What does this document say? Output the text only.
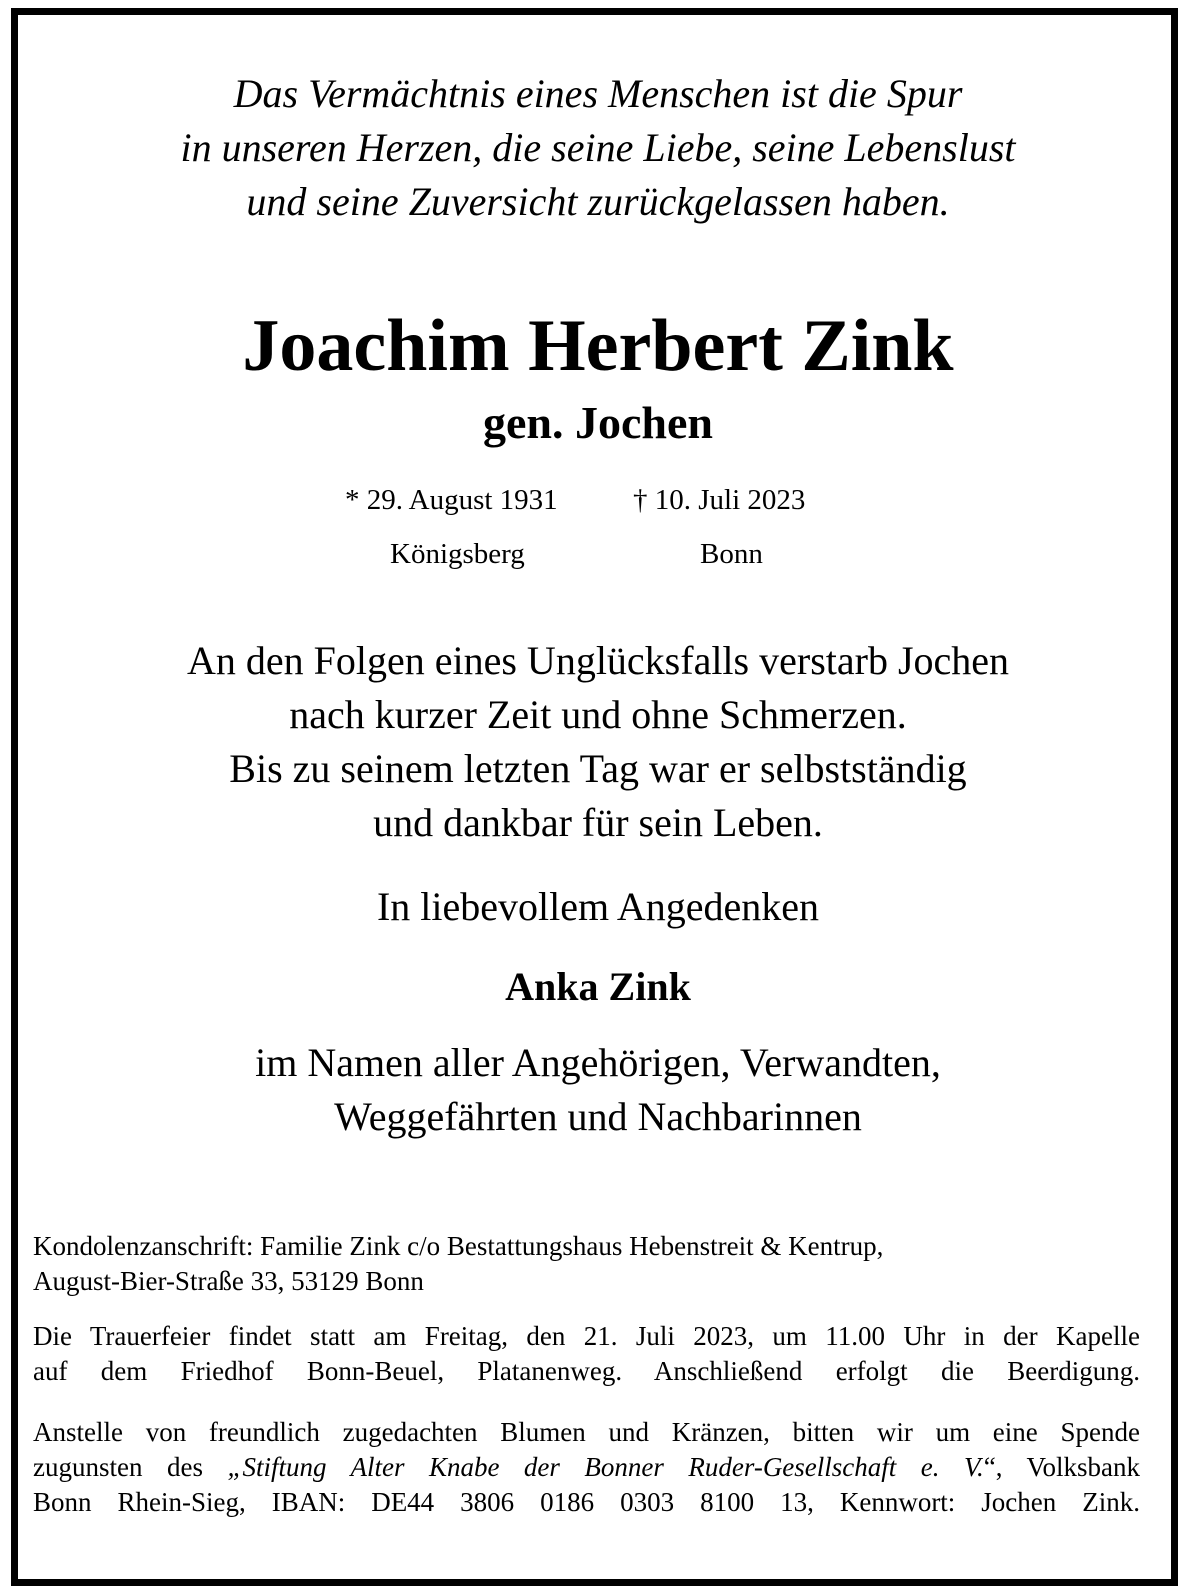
Das Vermächtnis eines Menschen ist die Spur
in unseren Herzen, die seine Liebe, seine Lebenslust
und seine Zuversicht zurückgelassen haben.
Joachim Herbert Zink
gen. Jochen
* 29. August 1931	† 10. Juli 2023
Königsberg	Bonn
An den Folgen eines Unglücksfalls verstarb Jochen
nach kurzer Zeit und ohne Schmerzen.
Bis zu seinem letzten Tag war er selbstständig
und dankbar für sein Leben.
In liebevollem Angedenken
Anka Zink
im Namen aller Angehörigen, Verwandten,
Weggefährten und Nachbarinnen
Kondolenzanschrift: Familie Zink c/o Bestattungshaus Hebenstreit & Kentrup,
August-Bier-Straße 33, 53129 Bonn
Die Trauerfeier findet statt am Freitag, den 21. Juli 2023, um 11.00 Uhr in der Kapelle
auf dem Friedhof Bonn-Beuel, Platanenweg. Anschließend erfolgt die Beerdigung.
Anstelle von freundlich zugedachten Blumen und Kränzen, bitten wir um eine Spende
zugunsten des „Stiftung Alter Knabe der Bonner Ruder-Gesellschaft e. V.“, Volksbank
Bonn Rhein-Sieg, IBAN: DE44 3806 0186 0303 8100 13, Kennwort: Jochen Zink.
